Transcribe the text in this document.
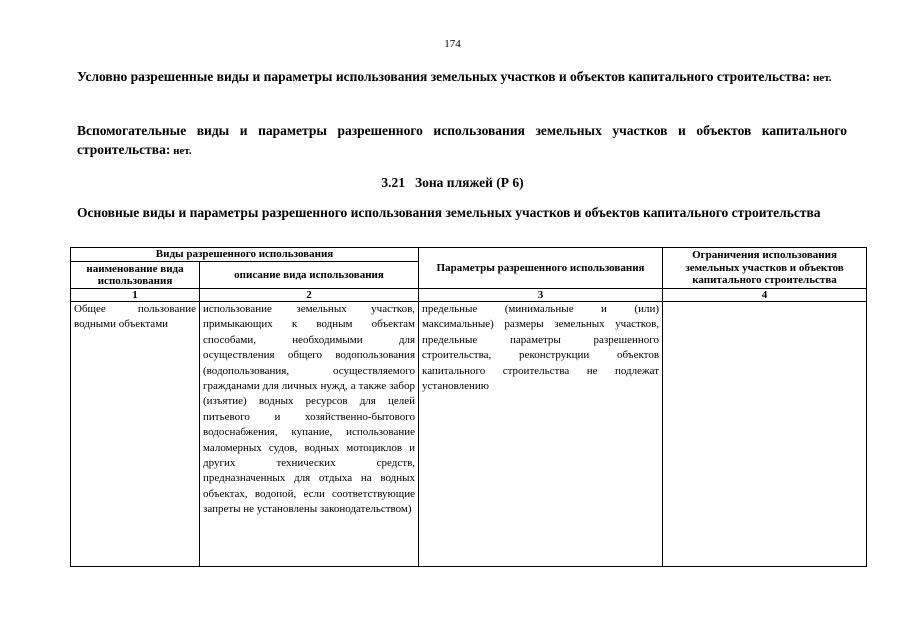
174
Условно разрешенные виды и параметры использования земельных участков и объектов капитального строительства: нет.
Вспомогательные виды и параметры разрешенного использования земельных участков и объектов капитального строительства: нет.
3.21 Зона пляжей (Р 6)
Основные виды и параметры разрешенного использования земельных участков и объектов капитального строительства
Виды разрешенного использования		Параметры разрешенного использования	Ограничения использования земельных участков и объектов капитального строительства
наименование вида использования	описание вида использования		
1	2	3	4
Общее пользование водными объектами	использование земельных участков, примыкающих к водным объектам способами, необходимыми для осуществления общего водопользования (водопользования, осуществляемого гражданами для личных нужд, а также забор (изъятие) водных ресурсов для целей питьевого и хозяйственно-бытового водоснабжения, купание, использование маломерных судов, водных мотоциклов и других технических средств, предназначенных для отдыха на водных объектах, водопой, если соответствующие запреты не установлены законодательством)	предельные (минимальные и (или) максимальные) размеры земельных участков, предельные параметры разрешенного строительства, реконструкции объектов капитального строительства не подлежат установлению	
